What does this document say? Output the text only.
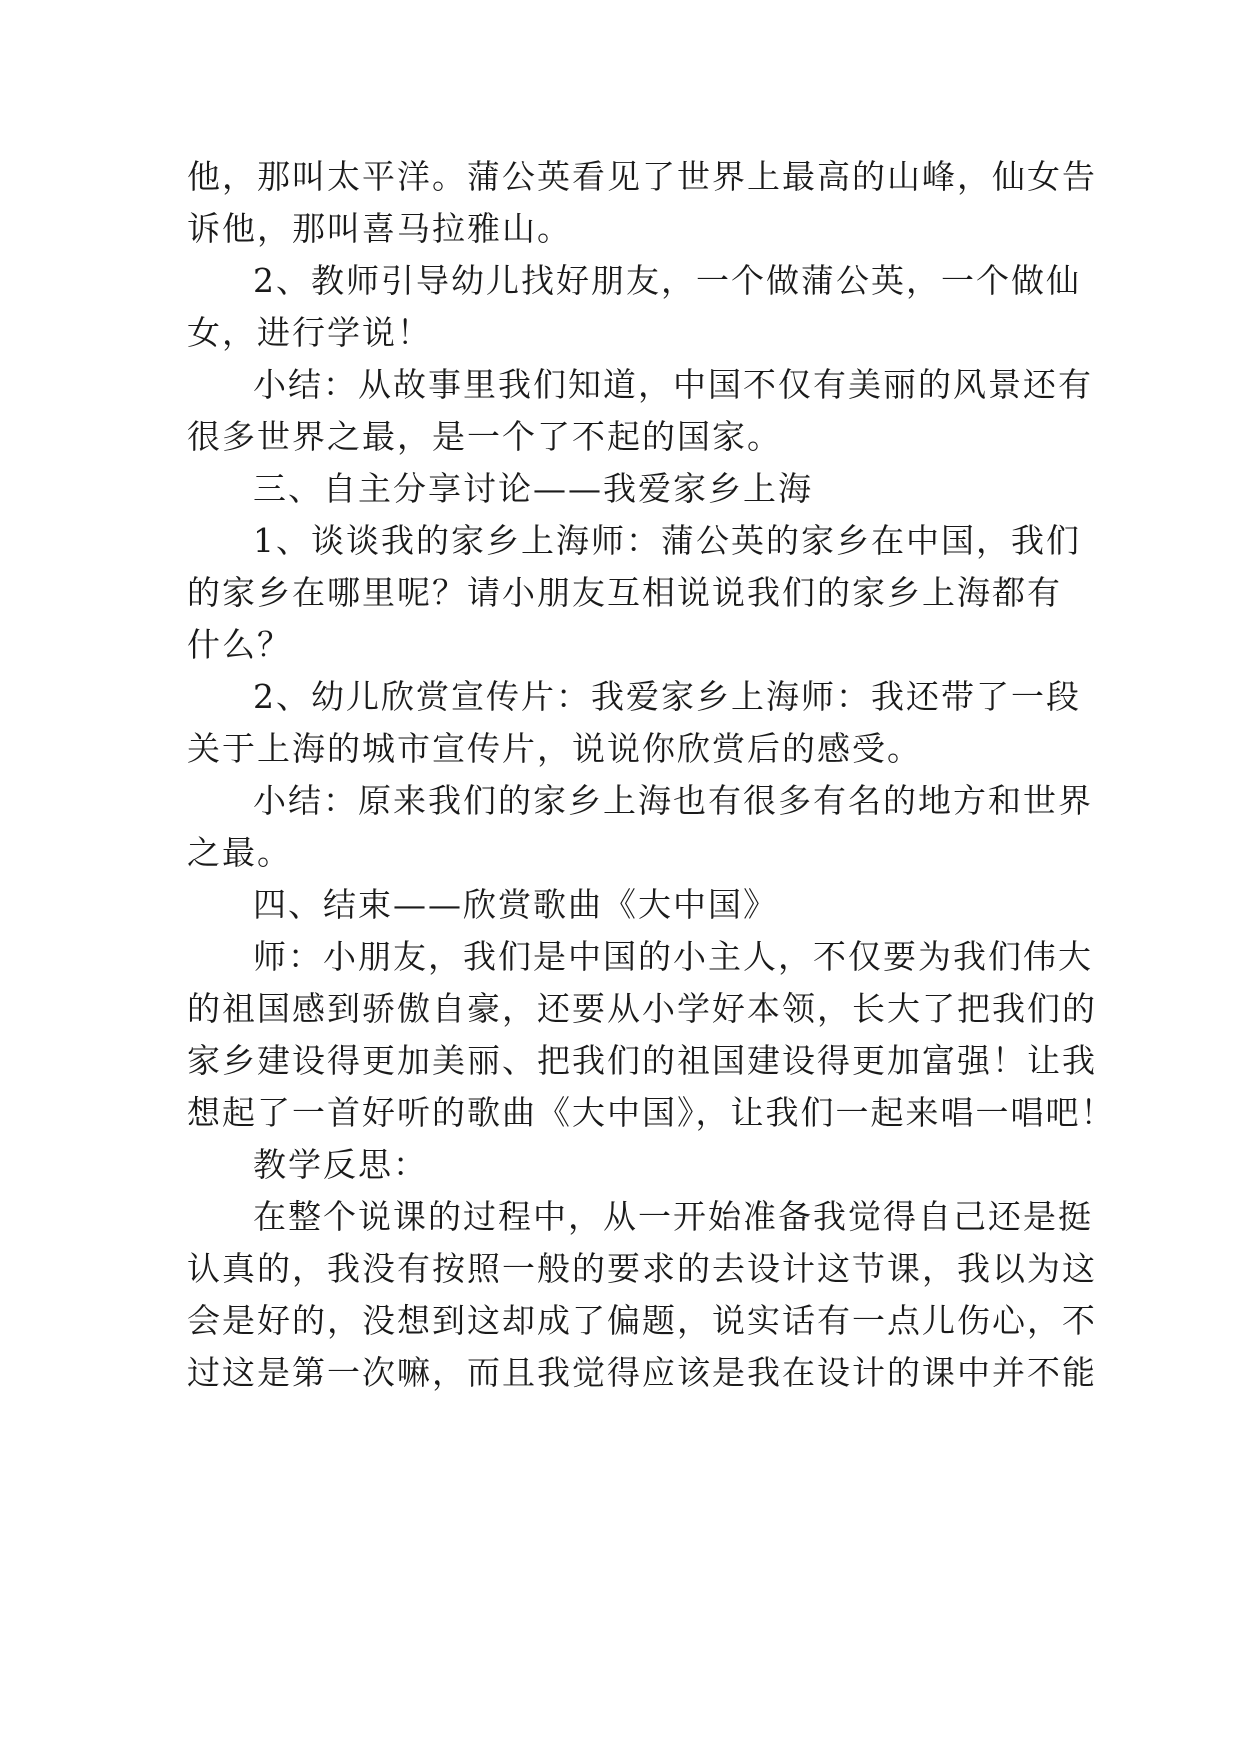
他，那叫太平洋。蒲公英看见了世界上最高的山峰，仙女告
诉他，那叫喜马拉雅山。
2、教师引导幼儿找好朋友，一个做蒲公英，一个做仙
女，进行学说！
小结：从故事里我们知道，中国不仅有美丽的风景还有
很多世界之最，是一个了不起的国家。
三、自主分享讨论——我爱家乡上海
1、谈谈我的家乡上海师：蒲公英的家乡在中国，我们
的家乡在哪里呢？请小朋友互相说说我们的家乡上海都有
什么？
2、幼儿欣赏宣传片：我爱家乡上海师：我还带了一段
关于上海的城市宣传片，说说你欣赏后的感受。
小结：原来我们的家乡上海也有很多有名的地方和世界
之最。
四、结束——欣赏歌曲《大中国》
师：小朋友，我们是中国的小主人，不仅要为我们伟大
的祖国感到骄傲自豪，还要从小学好本领，长大了把我们的
家乡建设得更加美丽、把我们的祖国建设得更加富强！让我
想起了一首好听的歌曲《大中国》，让我们一起来唱一唱吧！
教学反思：
在整个说课的过程中，从一开始准备我觉得自己还是挺
认真的，我没有按照一般的要求的去设计这节课，我以为这
会是好的，没想到这却成了偏题，说实话有一点儿伤心，不
过这是第一次嘛，而且我觉得应该是我在设计的课中并不能
